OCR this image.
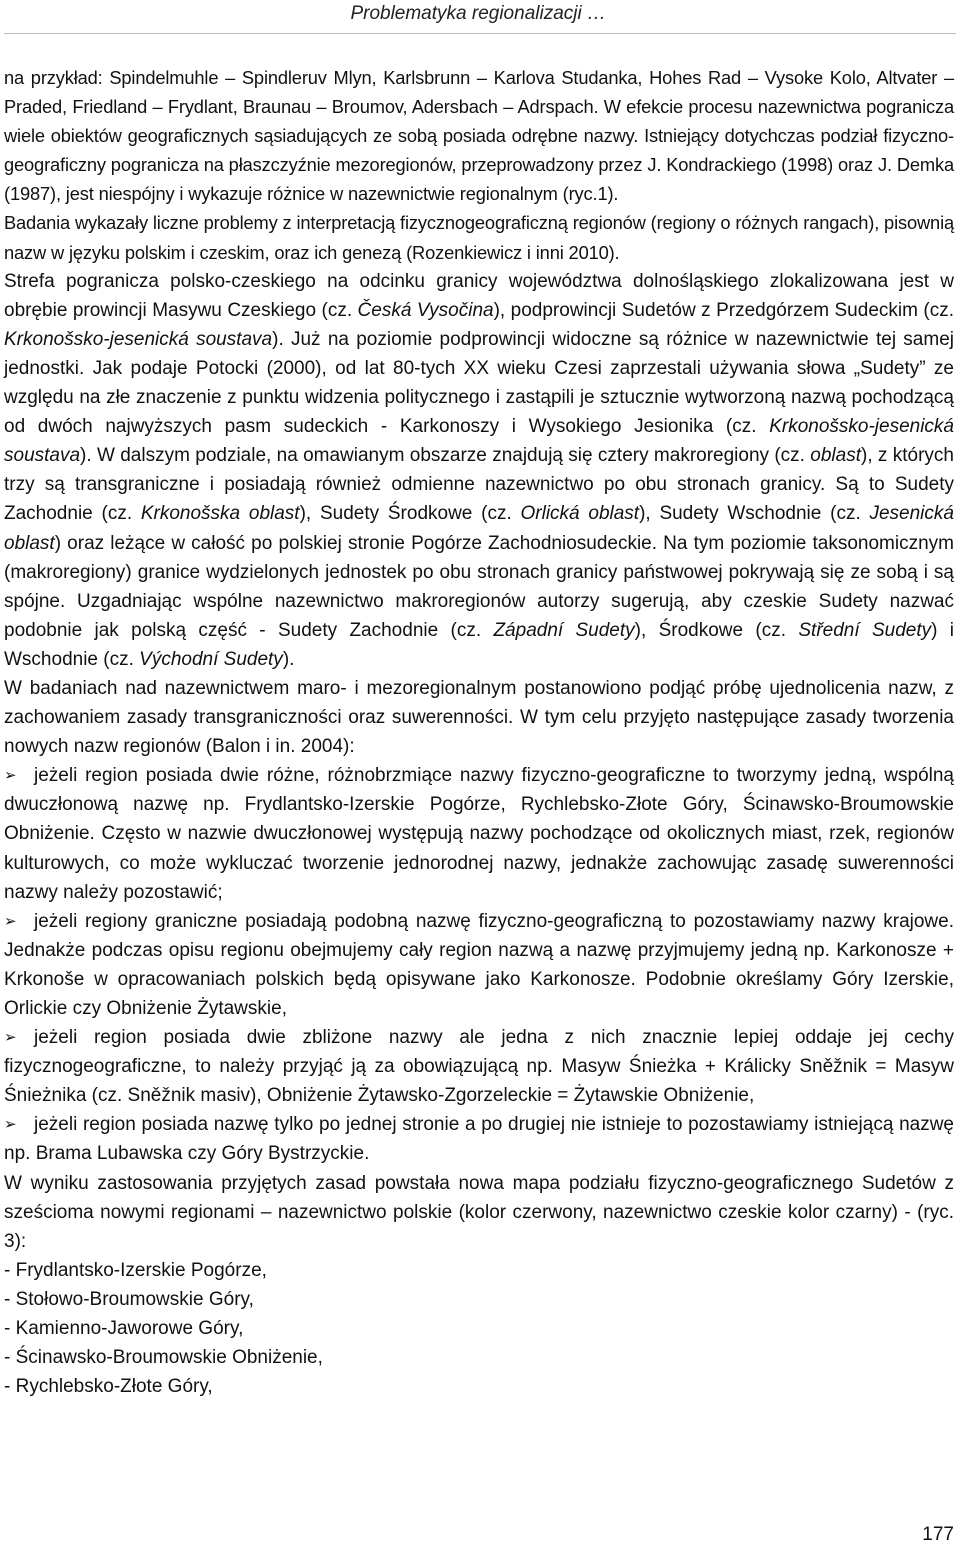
Problematyka regionalizacji …

na przykład: Spindelmuhle – Spindleruv Mlyn, Karlsbrunn – Karlova Studanka, Hohes Rad – Vysoke Kolo, Altvater – Praded, Friedland – Frydlant, Braunau – Broumov, Adersbach – Adrspach. W efekcie procesu nazewnictwa pogranicza wiele obiektów geograficznych sąsiadujących ze sobą posiada odrębne nazwy. Istniejący dotychczas podział fizyczno-geograficzny pogranicza na płaszczyźnie mezoregionów, przeprowadzony przez J. Kondrackiego (1998) oraz J. Demka (1987), jest niespójny i wykazuje różnice w nazewnictwie regionalnym (ryc.1).

Badania wykazały liczne problemy z interpretacją fizycznogeograficzną regionów (regiony o różnych rangach), pisownią nazw w języku polskim i czeskim, oraz ich genezą (Rozenkiewicz i inni 2010).

Strefa pogranicza polsko-czeskiego na odcinku granicy województwa dolnośląskiego zlokalizowana jest w obrębie prowincji Masywu Czeskiego (cz. Česká Vysočina), podprowincji Sudetów z Przedgórzem Sudeckim (cz. Krkonošsko-jesenická soustava). Już na poziomie podprowincji widoczne są różnice w nazewnictwie tej samej jednostki. Jak podaje Potocki (2000), od lat 80-tych XX wieku Czesi zaprzestali używania słowa „Sudety” ze względu na złe znaczenie z punktu widzenia politycznego i zastąpili je sztucznie wytworzoną nazwą pochodzącą od dwóch najwyższych pasm sudeckich - Karkonoszy i Wysokiego Jesionika (cz. Krkonošsko-jesenická soustava). W dalszym podziale, na omawianym obszarze znajdują się cztery makroregiony (cz. oblast), z których trzy są transgraniczne i posiadają również odmienne nazewnictwo po obu stronach granicy. Są to Sudety Zachodnie (cz. Krkonošska oblast), Sudety Środkowe (cz. Orlická oblast), Sudety Wschodnie (cz. Jesenická oblast) oraz leżące w całość po polskiej stronie Pogórze Zachodniosudeckie. Na tym poziomie taksonomicznym (makroregiony) granice wydzielonych jednostek po obu stronach granicy państwowej pokrywają się ze sobą i są spójne. Uzgadniając wspólne nazewnictwo makroregionów autorzy sugerują, aby czeskie Sudety nazwać podobnie jak polską część - Sudety Zachodnie (cz. Západní Sudety), Środkowe (cz. Střední Sudety) i Wschodnie (cz. Východní Sudety).

W badaniach nad nazewnictwem maro- i mezoregionalnym postanowiono podjąć próbę ujednolicenia nazw, z zachowaniem zasady transgraniczności oraz suwerenności. W tym celu przyjęto następujące zasady tworzenia nowych nazw regionów (Balon i in. 2004):

➢ jeżeli region posiada dwie różne, różnobrzmiące nazwy fizyczno-geograficzne to tworzymy jedną, wspólną dwuczłonową nazwę np. Frydlantsko-Izerskie Pogórze, Rychlebsko-Złote Góry, Ścinawsko-Broumowskie Obniżenie. Często w nazwie dwuczłonowej występują nazwy pochodzące od okolicznych miast, rzek, regionów kulturowych, co może wykluczać tworzenie jednorodnej nazwy, jednakże zachowując zasadę suwerenności nazwy należy pozostawić;

➢ jeżeli regiony graniczne posiadają podobną nazwę fizyczno-geograficzną to pozostawiamy nazwy krajowe. Jednakże podczas opisu regionu obejmujemy cały region nazwą a nazwę przyjmujemy jedną np. Karkonosze + Krkonoše w opracowaniach polskich będą opisywane jako Karkonosze. Podobnie określamy Góry Izerskie, Orlickie czy Obniżenie Żytawskie,

➢ jeżeli region posiada dwie zbliżone nazwy ale jedna z nich znacznie lepiej oddaje jej cechy fizycznogeograficzne, to należy przyjąć ją za obowiązującą np. Masyw Śnieżka + Králicky Sněžnik = Masyw Śnieżnika (cz. Sněžnik masiv), Obniżenie Żytawsko-Zgorzeleckie = Żytawskie Obniżenie,

➢ jeżeli region posiada nazwę tylko po jednej stronie a po drugiej nie istnieje to pozostawiamy istniejącą nazwę np. Brama Lubawska czy Góry Bystrzyckie.

W wyniku zastosowania przyjętych zasad powstała nowa mapa podziału fizyczno-geograficznego Sudetów z sześcioma nowymi regionami – nazewnictwo polskie (kolor czerwony, nazewnictwo czeskie kolor czarny) - (ryc. 3):

- Frydlantsko-Izerskie Pogórze,
- Stołowo-Broumowskie Góry,
- Kamienno-Jaworowe Góry,
- Ścinawsko-Broumowskie Obniżenie,
- Rychlebsko-Złote Góry,
177
